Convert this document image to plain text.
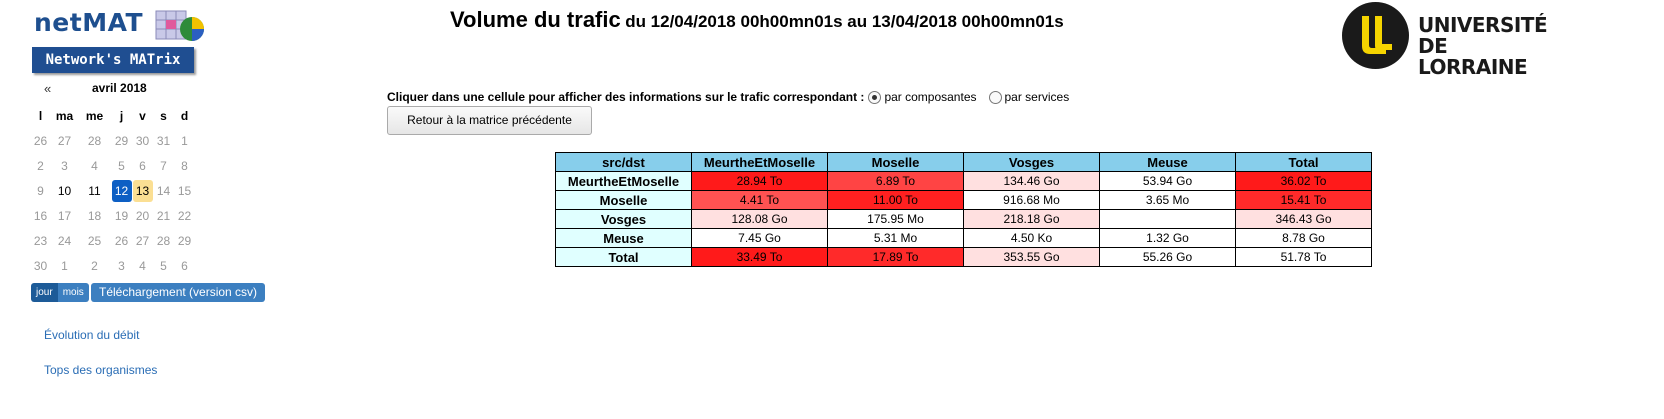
netMAT
Network's MATrix
«	avril 2018
l	ma	me	j	v	s	d
26	27	28	29	30	31	1
2	3	4	5	6	7	8
9	10	11	12	13	14	15
16	17	18	19	20	21	22
23	24	25	26	27	28	29
30	1	2	3	4	5	6
jour	mois	Téléchargement (version csv)
Évolution du débit
Tops des organismes
Volume du trafic du 12/04/2018 00h00mn01s au 13/04/2018 00h00mn01s	UNIVERSITÉ
DE LORRAINE
Cliquer dans une cellule pour afficher des informations sur le trafic correspondant : par composantes par services
Retour à la matrice précédente
src/dst	MeurtheEtMoselle	Moselle	Vosges	Meuse	Total
MeurtheEtMoselle	28.94 To	6.89 To	134.46 Go	53.94 Go	36.02 To
Moselle	4.41 To	11.00 To	916.68 Mo	3.65 Mo	15.41 To
Vosges	128.08 Go	175.95 Mo	218.18 Go		346.43 Go
Meuse	7.45 Go	5.31 Mo	4.50 Ko	1.32 Go	8.78 Go
Total	33.49 To	17.89 To	353.55 Go	55.26 Go	51.78 To
